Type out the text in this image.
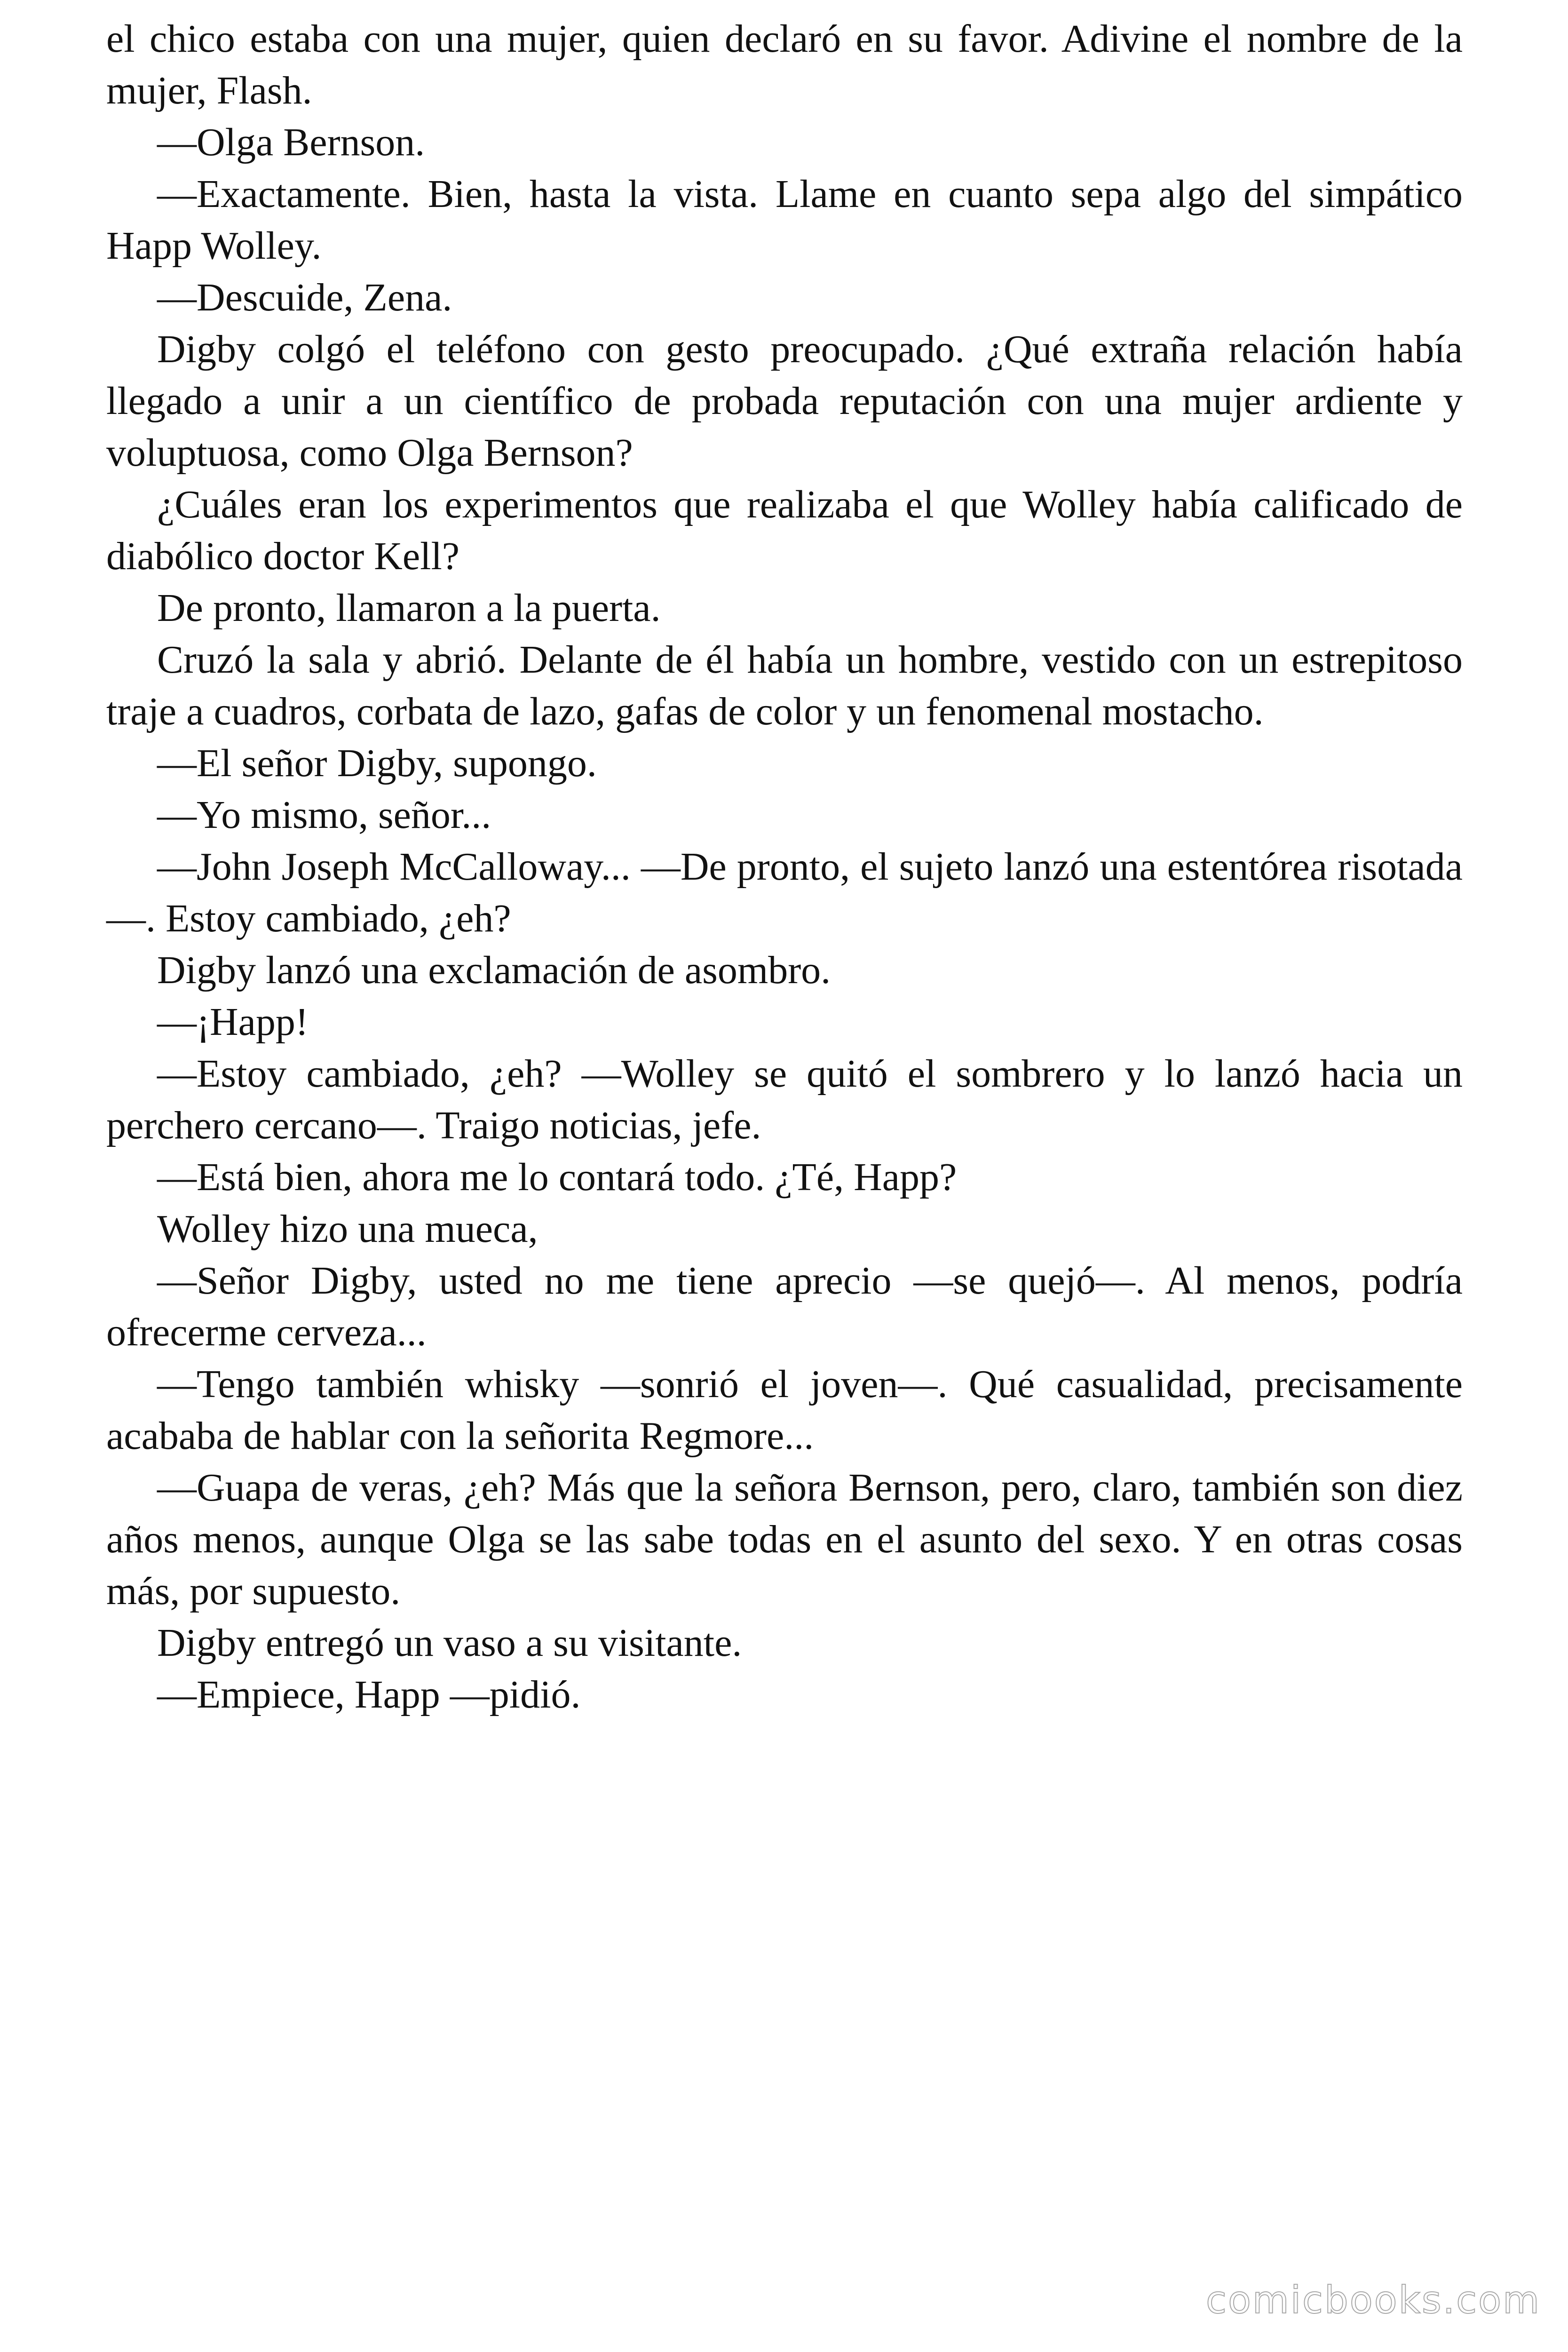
el chico estaba con una mujer, quien declaró en su favor. Adivine el nombre de la mujer, Flash.

—Olga Bernson.

—Exactamente. Bien, hasta la vista. Llame en cuanto sepa algo del simpático Happ Wolley.

—Descuide, Zena.

Digby colgó el teléfono con gesto preocupado. ¿Qué extraña relación había llegado a unir a un científico de probada reputación con una mujer ardiente y voluptuosa, como Olga Bernson?

¿Cuáles eran los experimentos que realizaba el que Wolley había calificado de diabólico doctor Kell?

De pronto, llamaron a la puerta.

Cruzó la sala y abrió. Delante de él había un hombre, vestido con un estrepitoso traje a cuadros, corbata de lazo, gafas de color y un fenomenal mostacho.

—El señor Digby, supongo.

—Yo mismo, señor...

—John Joseph McCalloway... —De pronto, el sujeto lanzó una estentórea risotada—. Estoy cambiado, ¿eh?

Digby lanzó una exclamación de asombro.

—¡Happ!

—Estoy cambiado, ¿eh? —Wolley se quitó el sombrero y lo lanzó hacia un perchero cercano—. Traigo noticias, jefe.

—Está bien, ahora me lo contará todo. ¿Té, Happ?

Wolley hizo una mueca,

—Señor Digby, usted no me tiene aprecio —se quejó—. Al menos, podría ofrecerme cerveza...

—Tengo también whisky —sonrió el joven—. Qué casualidad, precisamente acababa de hablar con la señorita Regmore...

—Guapa de veras, ¿eh? Más que la señora Bernson, pero, claro, también son diez años menos, aunque Olga se las sabe todas en el asunto del sexo. Y en otras cosas más, por supuesto.

Digby entregó un vaso a su visitante.

—Empiece, Happ —pidió.

comicbooks.com
